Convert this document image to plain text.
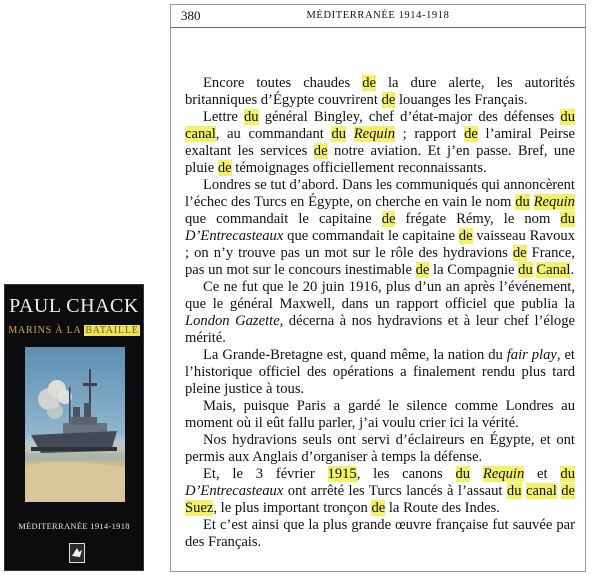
PAUL CHACK
MARINS À LA BATAILLE
MÉDITERRANÉE 1914-1918
380	MÉDITERRANÉE 1914-1918

Encore toutes chaudes de la dure alerte, les autorités britanniques d’Égypte couvrirent de louanges les Français.

Lettre du général Bingley, chef d’état-major des défenses du canal, au commandant du Requin ; rapport de l’amiral Peirse exaltant les services de notre aviation. Et j’en passe. Bref, une pluie de témoignages officiellement reconnaissants.

Londres se tut d’abord. Dans les communiqués qui annoncèrent l’échec des Turcs en Égypte, on cherche en vain le nom du Requin que commandait le capitaine de frégate Rémy, le nom du D’Entrecasteaux que commandait le capitaine de vaisseau Ravoux ; on n’y trouve pas un mot sur le rôle des hydravions de France, pas un mot sur le concours inestimable de la Compagnie du Canal.

Ce ne fut que le 20 juin 1916, plus d’un an après l’événement, que le général Maxwell, dans un rapport officiel que publia la London Gazette, décerna à nos hydravions et à leur chef l’éloge mérité.

La Grande-Bretagne est, quand même, la nation du fair play, et l’historique officiel des opérations a finalement rendu plus tard pleine justice à tous.

Mais, puisque Paris a gardé le silence comme Londres au moment où il eût fallu parler, j’ai voulu crier ici la vérité.

Nos hydravions seuls ont servi d’éclaireurs en Égypte, et ont permis aux Anglais d’organiser à temps la défense.

Et, le 3 février 1915, les canons du Requin et du D’Entrecasteaux ont arrêté les Turcs lancés à l’assaut du canal de Suez, le plus important tronçon de la Route des Indes.

Et c’est ainsi que la plus grande œuvre française fut sauvée par des Français.
